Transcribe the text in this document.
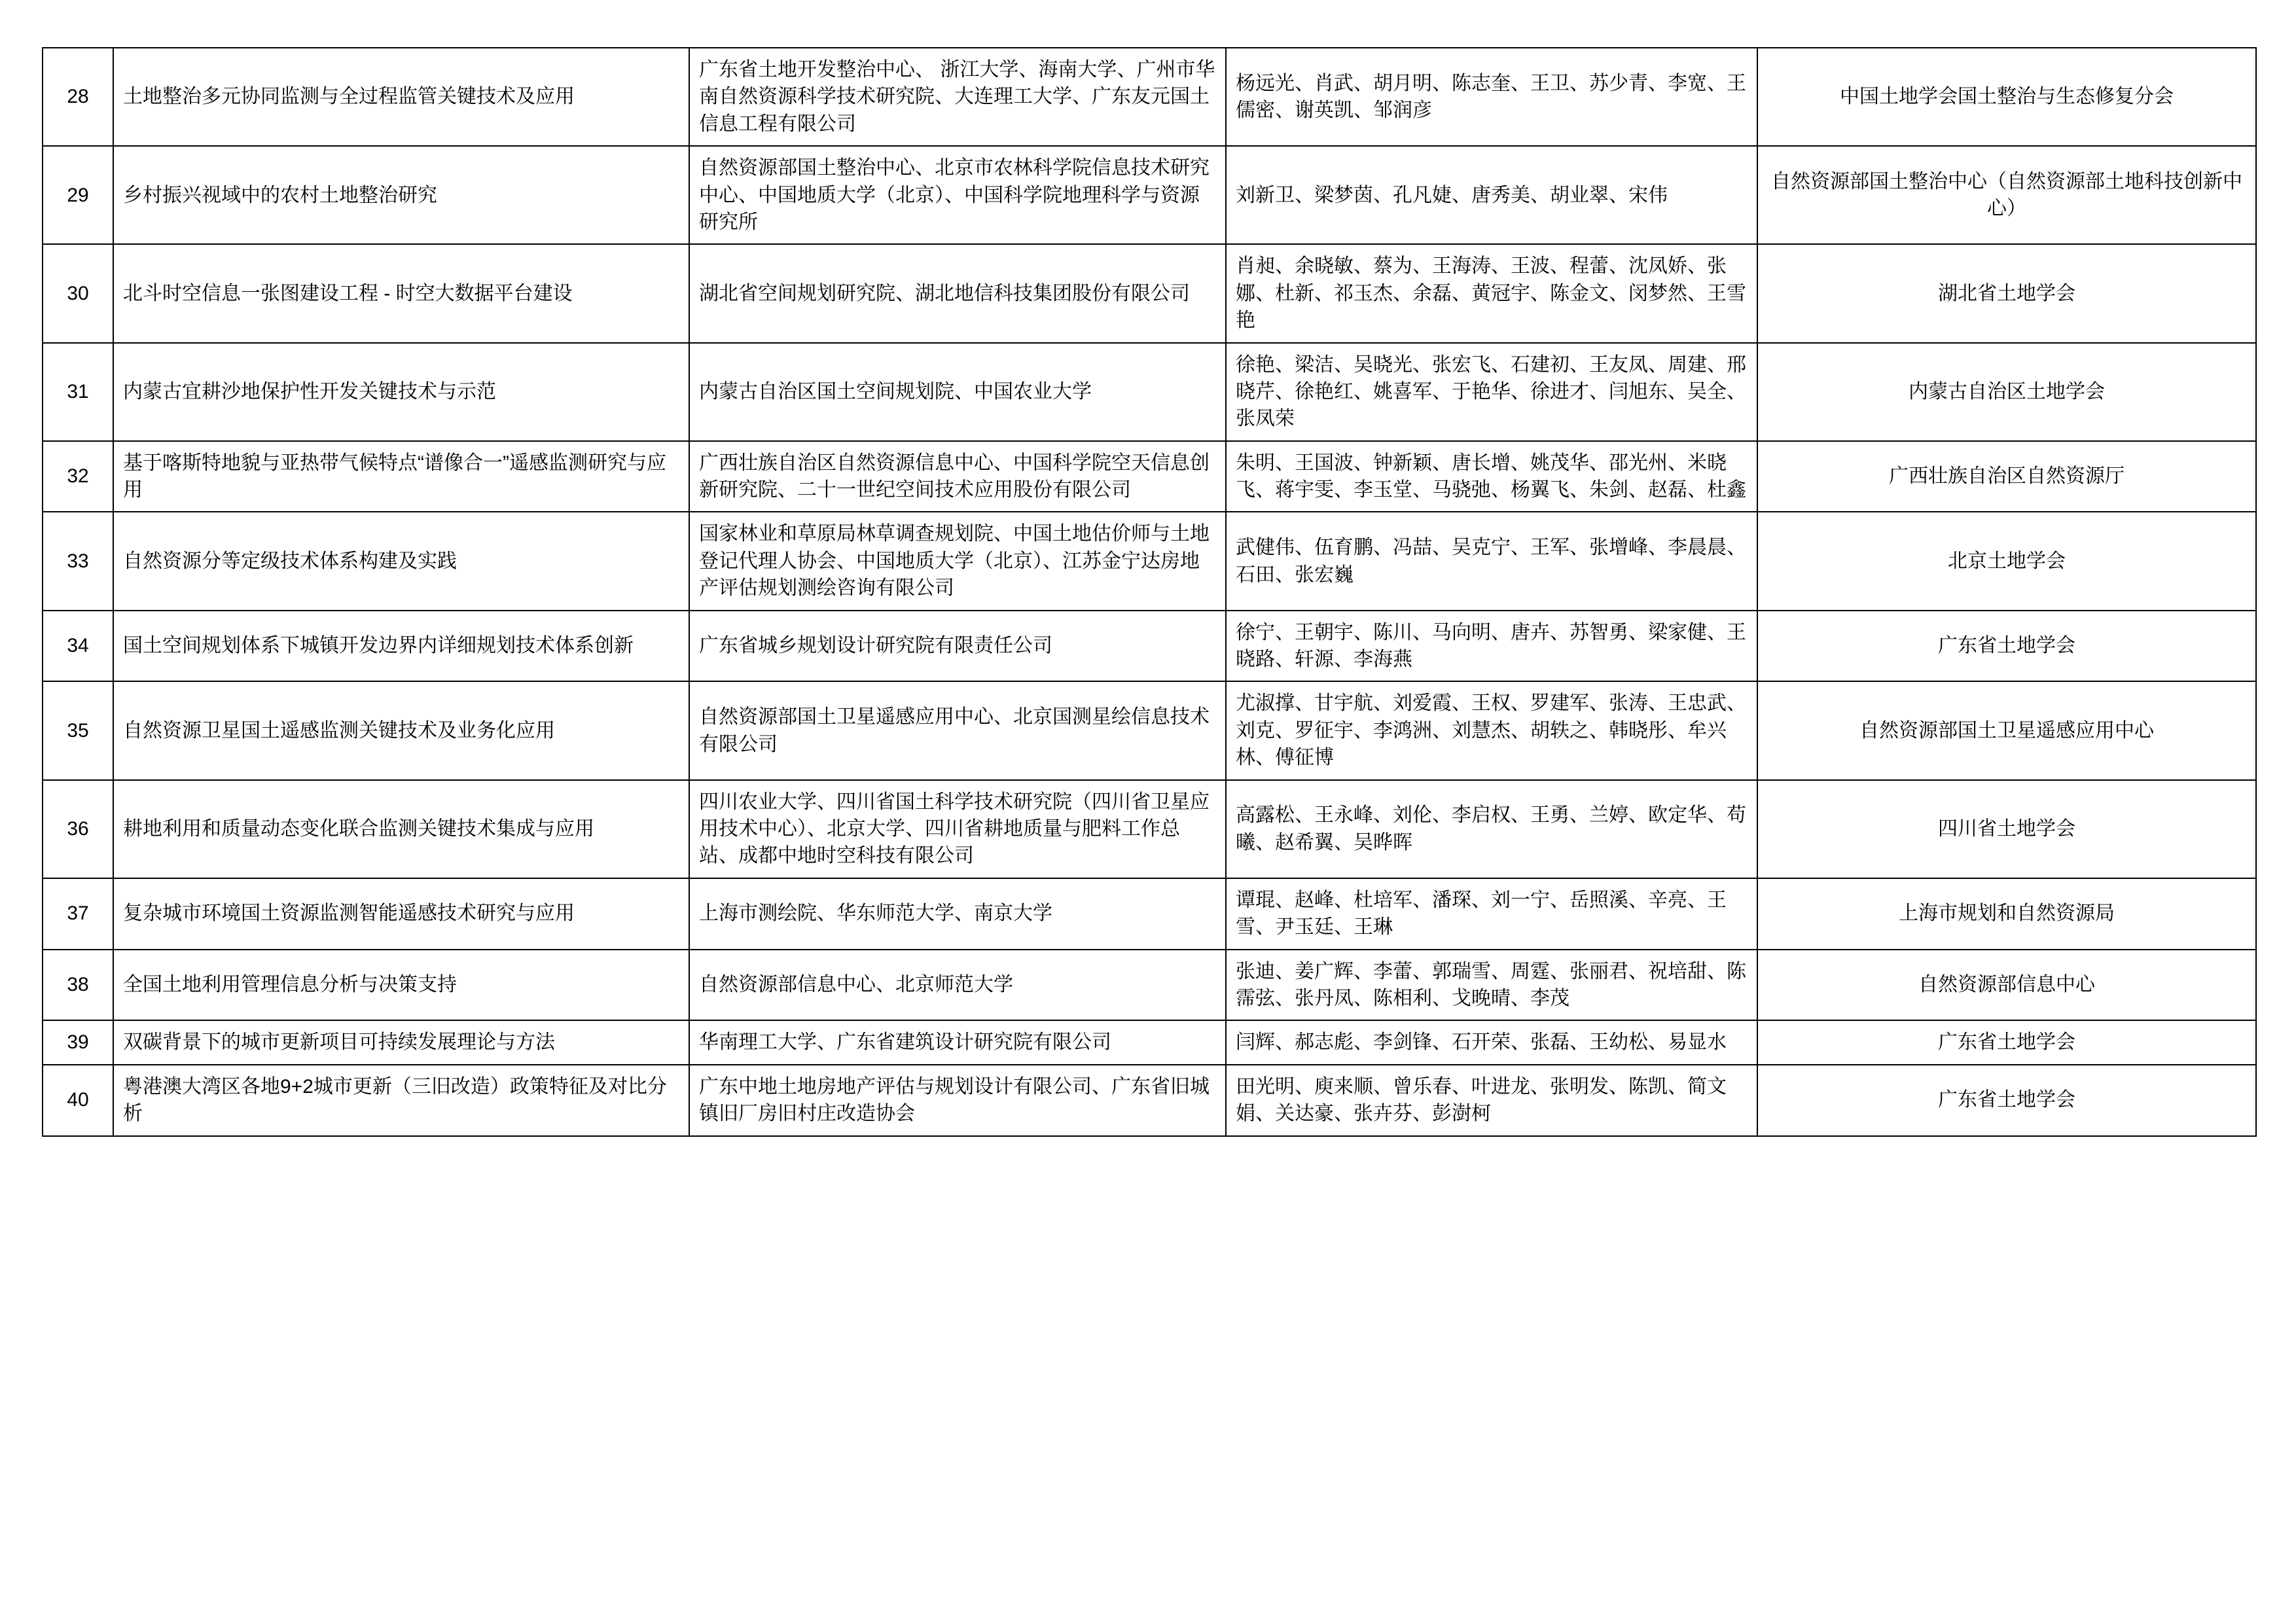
28	土地整治多元协同监测与全过程监管关键技术及应用	广东省土地开发整治中心、 浙江大学、海南大学、广州市华南自然资源科学技术研究院、大连理工大学、广东友元国土信息工程有限公司	杨远光、肖武、胡月明、陈志奎、王卫、苏少青、李宽、王儒密、谢英凯、邹润彦	中国土地学会国土整治与生态修复分会
29	乡村振兴视域中的农村土地整治研究	自然资源部国土整治中心、北京市农林科学院信息技术研究中心、中国地质大学（北京）、中国科学院地理科学与资源研究所	刘新卫、梁梦茵、孔凡婕、唐秀美、胡业翠、宋伟	自然资源部国土整治中心（自然资源部土地科技创新中心）
30	北斗时空信息一张图建设工程 - 时空大数据平台建设	湖北省空间规划研究院、湖北地信科技集团股份有限公司	肖昶、余晓敏、蔡为、王海涛、王波、程蕾、沈凤娇、张娜、杜新、祁玉杰、余磊、黄冠宇、陈金文、闵梦然、王雪艳	湖北省土地学会
31	内蒙古宜耕沙地保护性开发关键技术与示范	内蒙古自治区国土空间规划院、中国农业大学	徐艳、梁洁、吴晓光、张宏飞、石建初、王友凤、周建、邢晓芹、徐艳红、姚喜军、于艳华、徐进才、闫旭东、吴全、张凤荣	内蒙古自治区土地学会
32	基于喀斯特地貌与亚热带气候特点“谱像合一”遥感监测研究与应用	广西壮族自治区自然资源信息中心、中国科学院空天信息创新研究院、二十一世纪空间技术应用股份有限公司	朱明、王国波、钟新颖、唐长增、姚茂华、邵光州、米晓飞、蒋宇雯、李玉堂、马骁弛、杨翼飞、朱剑、赵磊、杜鑫	广西壮族自治区自然资源厅
33	自然资源分等定级技术体系构建及实践	国家林业和草原局林草调查规划院、中国土地估价师与土地登记代理人协会、中国地质大学（北京）、江苏金宁达房地产评估规划测绘咨询有限公司	武健伟、伍育鹏、冯喆、吴克宁、王军、张增峰、李晨晨、石田、张宏巍	北京土地学会
34	国土空间规划体系下城镇开发边界内详细规划技术体系创新	广东省城乡规划设计研究院有限责任公司	徐宁、王朝宇、陈川、马向明、唐卉、苏智勇、梁家健、王晓路、轩源、李海燕	广东省土地学会
35	自然资源卫星国土遥感监测关键技术及业务化应用	自然资源部国土卫星遥感应用中心、北京国测星绘信息技术有限公司	尤淑撑、甘宇航、刘爱霞、王权、罗建军、张涛、王忠武、刘克、罗征宇、李鸿洲、刘慧杰、胡轶之、韩晓彤、牟兴林、傅征博	自然资源部国土卫星遥感应用中心
36	耕地利用和质量动态变化联合监测关键技术集成与应用	四川农业大学、四川省国土科学技术研究院（四川省卫星应用技术中心）、北京大学、四川省耕地质量与肥料工作总站、成都中地时空科技有限公司	高露松、王永峰、刘伦、李启权、王勇、兰婷、欧定华、苟曦、赵希翼、吴晔晖	四川省土地学会
37	复杂城市环境国土资源监测智能遥感技术研究与应用	上海市测绘院、华东师范大学、南京大学	谭琨、赵峰、杜培军、潘琛、刘一宁、岳照溪、辛亮、王雪、尹玉廷、王琳	上海市规划和自然资源局
38	全国土地利用管理信息分析与决策支持	自然资源部信息中心、北京师范大学	张迪、姜广辉、李蕾、郭瑞雪、周霆、张丽君、祝培甜、陈霈弦、张丹凤、陈相利、戈晚晴、李茂	自然资源部信息中心
39	双碳背景下的城市更新项目可持续发展理论与方法	华南理工大学、广东省建筑设计研究院有限公司	闫辉、郝志彪、李剑锋、石开荣、张磊、王幼松、易显水	广东省土地学会
40	粤港澳大湾区各地9+2城市更新（三旧改造）政策特征及对比分析	广东中地土地房地产评估与规划设计有限公司、广东省旧城镇旧厂房旧村庄改造协会	田光明、庾来顺、曾乐春、叶进龙、张明发、陈凯、简文娟、关达豪、张卉芬、彭澍柯	广东省土地学会
